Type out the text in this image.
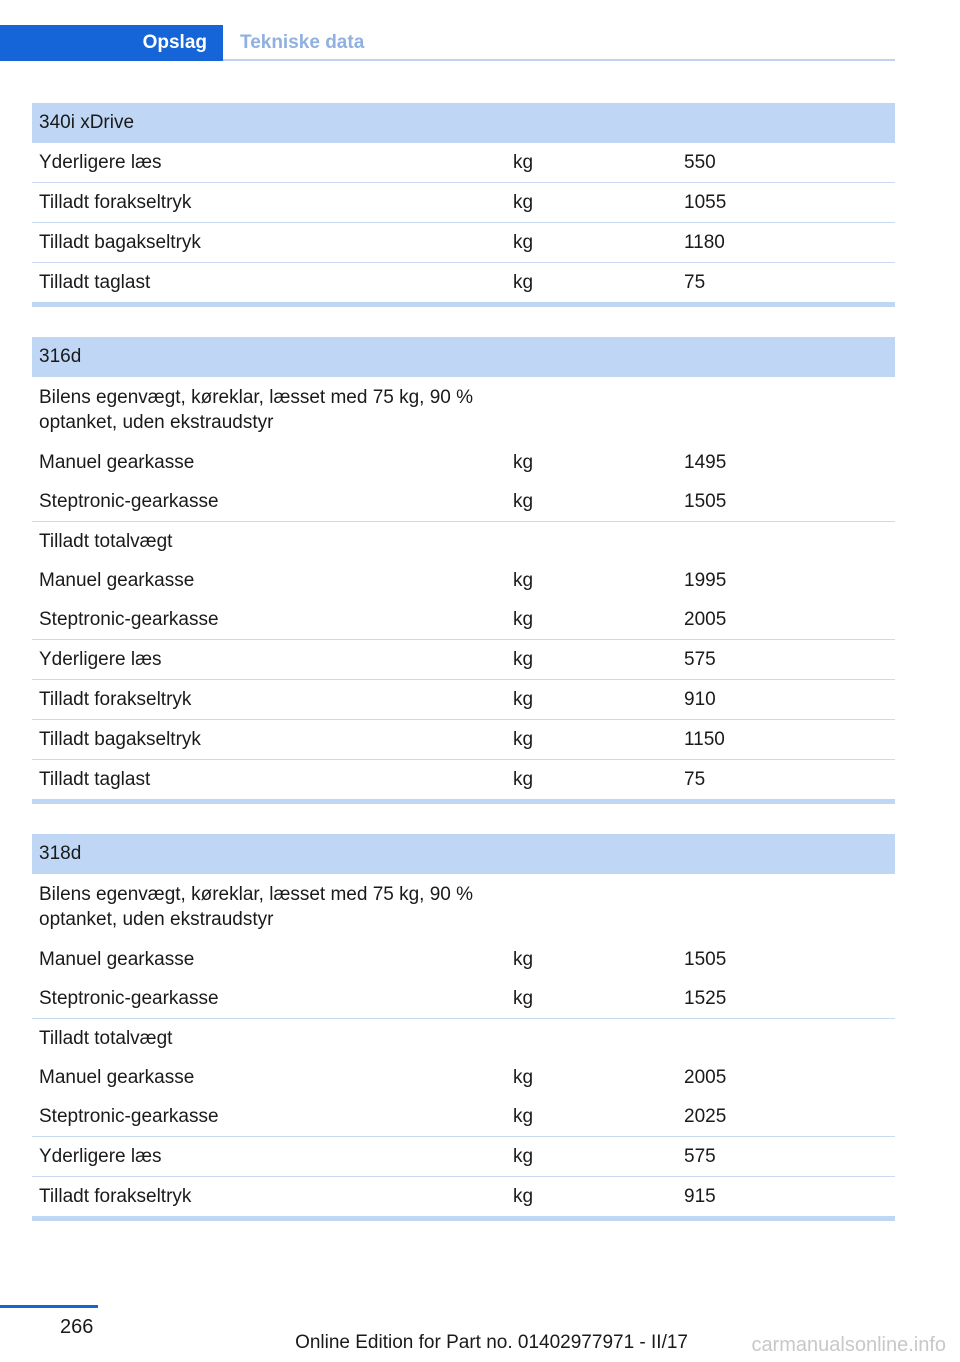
Opslag Tekniske data
340i xDrive		
Yderligere læs	kg	550
Tilladt forakseltryk	kg	1055
Tilladt bagakseltryk	kg	1180
Tilladt taglast	kg	75
316d		
Bilens egenvægt, køreklar, læsset med 75 kg, 90 % optanket, uden ekstraudstyr		
Manuel gearkasse	kg	1495
Steptronic-gearkasse	kg	1505
Tilladt totalvægt		
Manuel gearkasse	kg	1995
Steptronic-gearkasse	kg	2005
Yderligere læs	kg	575
Tilladt forakseltryk	kg	910
Tilladt bagakseltryk	kg	1150
Tilladt taglast	kg	75
318d		
Bilens egenvægt, køreklar, læsset med 75 kg, 90 % optanket, uden ekstraudstyr		
Manuel gearkasse	kg	1505
Steptronic-gearkasse	kg	1525
Tilladt totalvægt		
Manuel gearkasse	kg	2005
Steptronic-gearkasse	kg	2025
Yderligere læs	kg	575
Tilladt forakseltryk	kg	915
266
Online Edition for Part no. 01402977971 - II/17	carmanualsonline.info
